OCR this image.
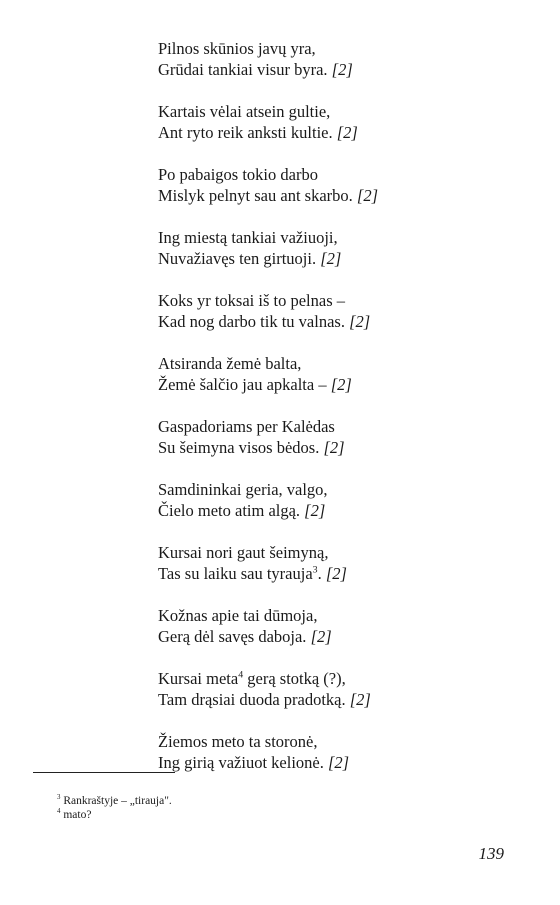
Pilnos skūnios javų yra,
Grūdai tankiai visur byra. [2]
Kartais vėlai atsein gultie,
Ant ryto reik anksti kultie. [2]
Po pabaigos tokio darbo
Mislyk pelnyt sau ant skarbo. [2]
Ing miestą tankiai važiuoji,
Nuvažiavęs ten girtuoji. [2]
Koks yr toksai iš to pelnas –
Kad nog darbo tik tu valnas. [2]
Atsiranda žemė balta,
Žemė šalčio jau apkalta – [2]
Gaspadoriams per Kalėdas
Su šeimyna visos bėdos. [2]
Samdininkai geria, valgo,
Čielo meto atim algą. [2]
Kursai nori gaut šeimyną,
Tas su laiku sau tyrauja$^3$. [2]
Kožnas apie tai dūmoja,
Gerą dėl savęs daboja. [2]
Kursai meta$^4$ gerą stotką (?),
Tam drąsiai duoda pradotką. [2]
Žiemos meto ta storonė,
Ing girią važiuot kelionė. [2]
$^3$ Rankraštyje – „tirauja".
$^4$ mato?
139
